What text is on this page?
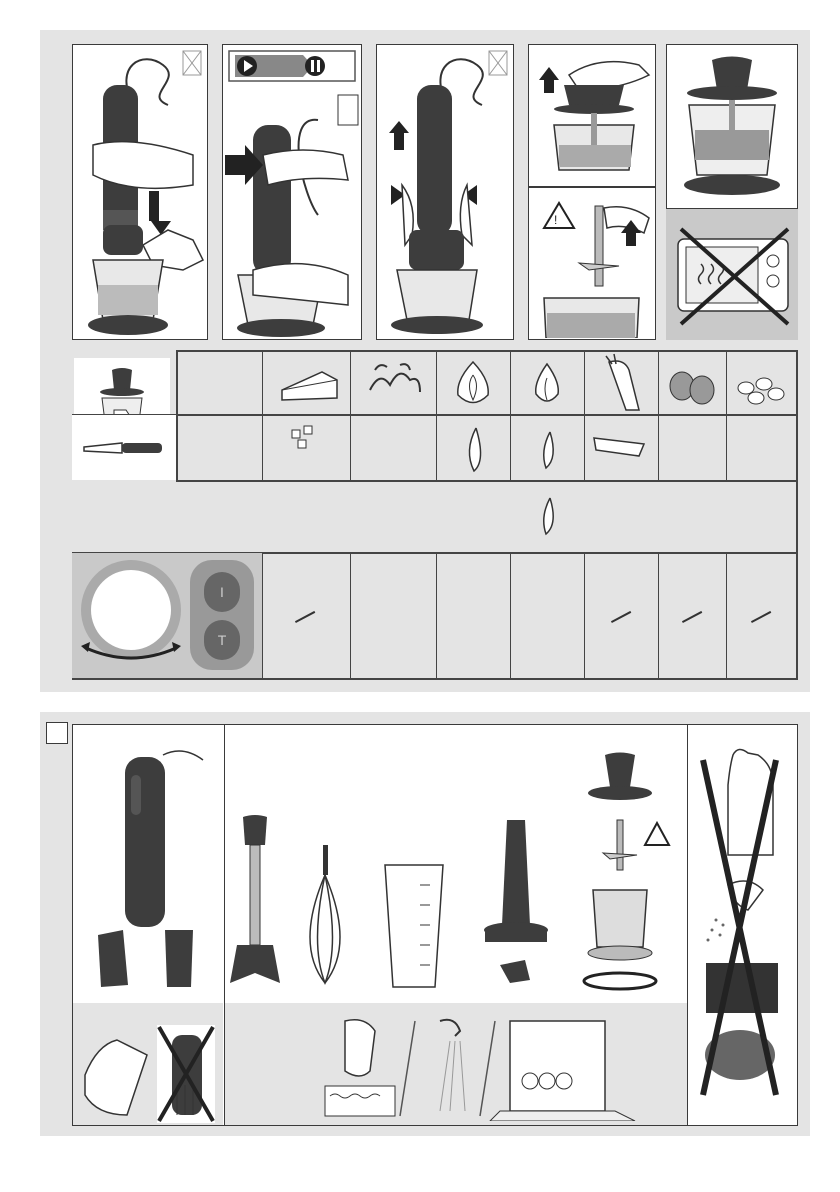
!
I
T
